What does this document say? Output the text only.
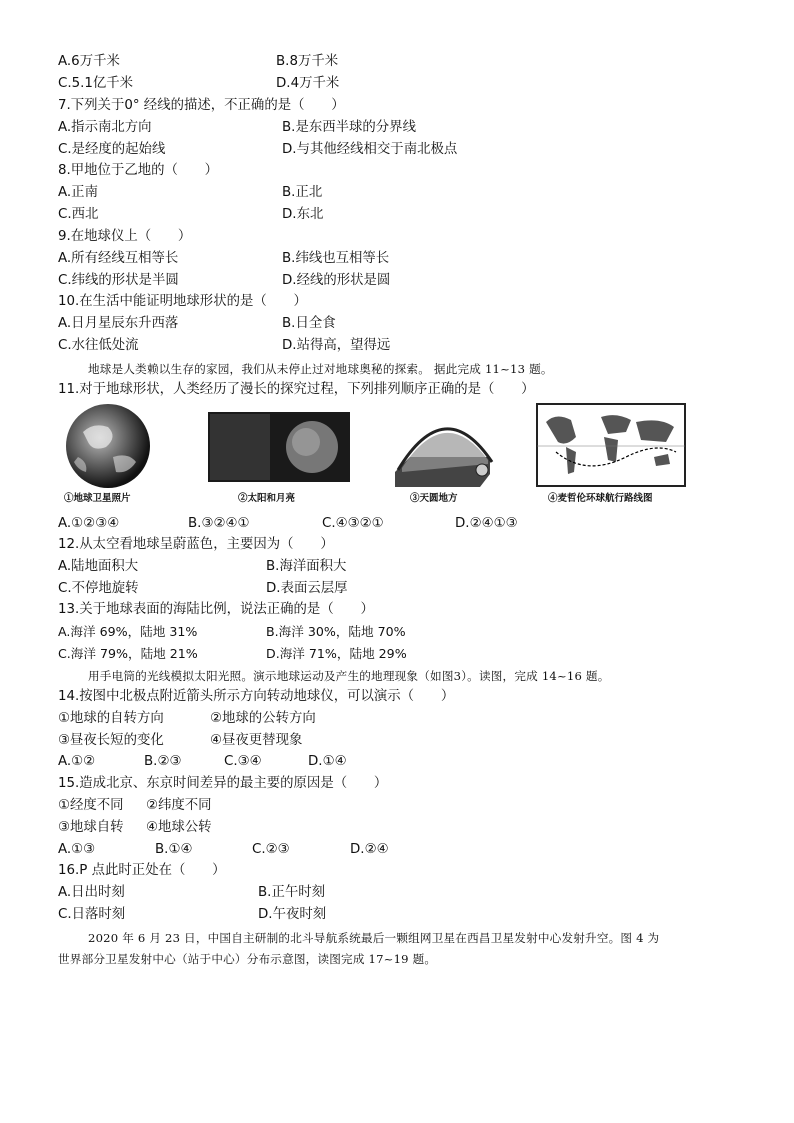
A.6万千米	B.8万千米
C.5.1亿千米	D.4万千米
7.下列关于0° 经线的描述，不正确的是（　　）
A.指示南北方向	B.是东西半球的分界线
C.是经度的起始线	D.与其他经线相交于南北极点
8.甲地位于乙地的（　　）
A.正南	B.正北
C.西北	D.东北
9.在地球仪上（　　）
A.所有经线互相等长	B.纬线也互相等长
C.纬线的形状是半圆	D.经线的形状是圆
10.在生活中能证明地球形状的是（　　）
A.日月星辰东升西落	B.日全食
C.水往低处流	D.站得高，望得远
地球是人类赖以生存的家园，我们从未停止过对地球奥秘的探索。 据此完成 11~13 题。
11.对于地球形状，人类经历了漫长的探究过程，下列排列顺序正确的是（　　）
①地球卫星照片	②太阳和月亮	③天圆地方	④麦哲伦环球航行路线图
A.①②③④	B.③②④①	C.④③②①	D.②④①③
12.从太空看地球呈蔚蓝色，主要因为（　　）
A.陆地面积大	B.海洋面积大
C.不停地旋转	D.表面云层厚
13.关于地球表面的海陆比例，说法正确的是（　　）
A.海洋 69%，陆地 31%	B.海洋 30%，陆地 70%
C.海洋 79%，陆地 21%	D.海洋 71%，陆地 29%
用手电筒的光线模拟太阳光照。演示地球运动及产生的地理现象（如图3）。读图，完成 14~16 题。
14.按图中北极点附近箭头所示方向转动地球仪，可以演示（　　）
①地球的自转方向	②地球的公转方向
③昼夜长短的变化	④昼夜更替现象
A.①②	B.②③	C.③④	D.①④
15.造成北京、东京时间差异的最主要的原因是（　　）
①经度不同 ②纬度不同
③地球自转 ④地球公转
A.①③	B.①④	C.②③	D.②④
16.P 点此时正处在（　　）
A.日出时刻	B.正午时刻
C.日落时刻	D.午夜时刻
2020 年 6 月 23 日，中国自主研制的北斗导航系统最后一颗组网卫星在西昌卫星发射中心发射升空。图 4 为
世界部分卫星发射中心（站于中心）分布示意图，读图完成 17~19 题。
